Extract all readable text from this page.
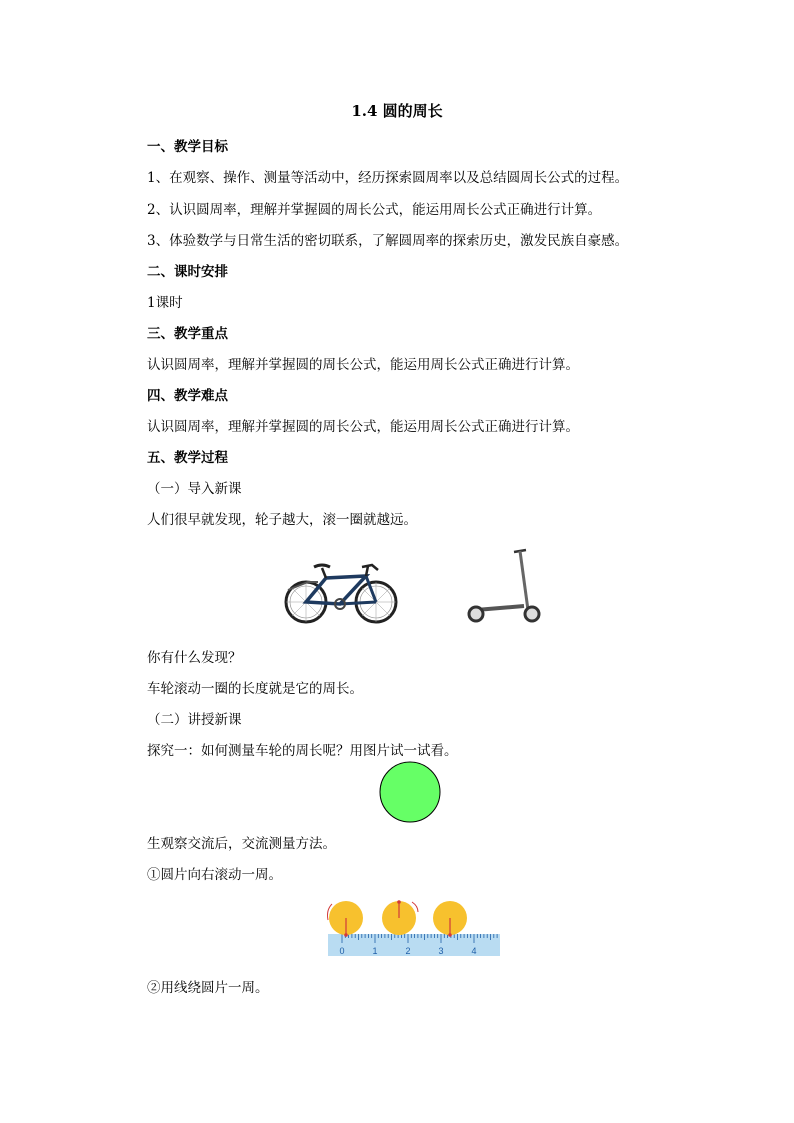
1.4 圆的周长
一、教学目标
1、在观察、操作、测量等活动中，经历探索圆周率以及总结圆周长公式的过程。
2、认识圆周率，理解并掌握圆的周长公式，能运用周长公式正确进行计算。
3、体验数学与日常生活的密切联系，了解圆周率的探索历史，激发民族自豪感。
二、课时安排
1课时
三、教学重点
认识圆周率，理解并掌握圆的周长公式，能运用周长公式正确进行计算。
四、教学难点
认识圆周率，理解并掌握圆的周长公式，能运用周长公式正确进行计算。
五、教学过程
（一）导入新课
人们很早就发现，轮子越大，滚一圈就越远。
你有什么发现？
车轮滚动一圈的长度就是它的周长。
（二）讲授新课
探究一：如何测量车轮的周长呢？用图片试一试看。
生观察交流后，交流测量方法。
①圆片向右滚动一周。
0	1	2	3	4
②用线绕圆片一周。
